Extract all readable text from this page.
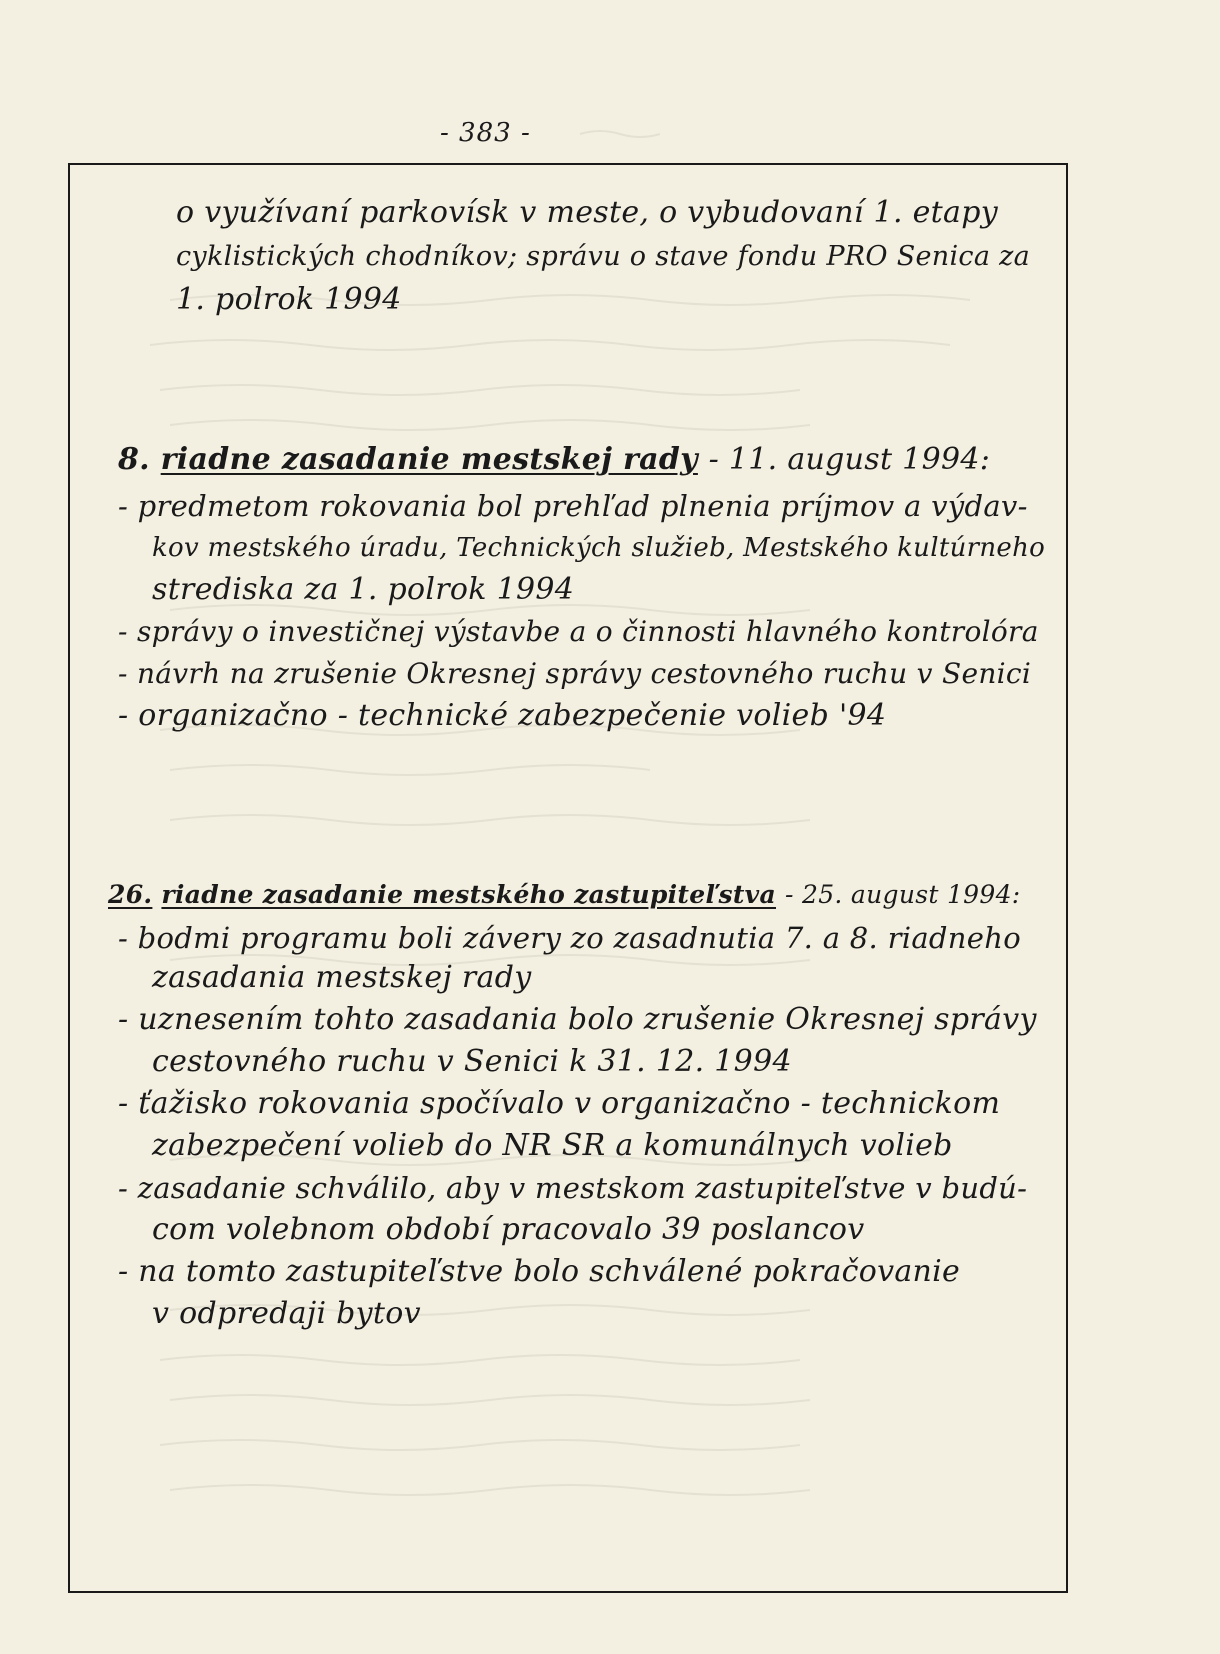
- 383 -
o využívaní parkovísk v meste, o vybudovaní 1. etapy
cyklistických chodníkov; správu o stave fondu PRO Senica za
1. polrok 1994
8. riadne zasadanie mestskej rady - 11. august 1994:
- predmetom rokovania bol prehľad plnenia príjmov a výdav-
kov mestského úradu, Technických služieb, Mestského kultúrneho
strediska za 1. polrok 1994
- správy o investičnej výstavbe a o činnosti hlavného kontrolóra
- návrh na zrušenie Okresnej správy cestovného ruchu v Senici
- organizačno - technické zabezpečenie volieb '94
26. riadne zasadanie mestského zastupiteľstva - 25. august 1994:
- bodmi programu boli závery zo zasadnutia 7. a 8. riadneho
zasadania mestskej rady
- uznesením tohto zasadania bolo zrušenie Okresnej správy
cestovného ruchu v Senici k 31. 12. 1994
- ťažisko rokovania spočívalo v organizačno - technickom
zabezpečení volieb do NR SR a komunálnych volieb
- zasadanie schválilo, aby v mestskom zastupiteľstve v budú-
com volebnom období pracovalo 39 poslancov
- na tomto zastupiteľstve bolo schválené pokračovanie
v odpredaji bytov
